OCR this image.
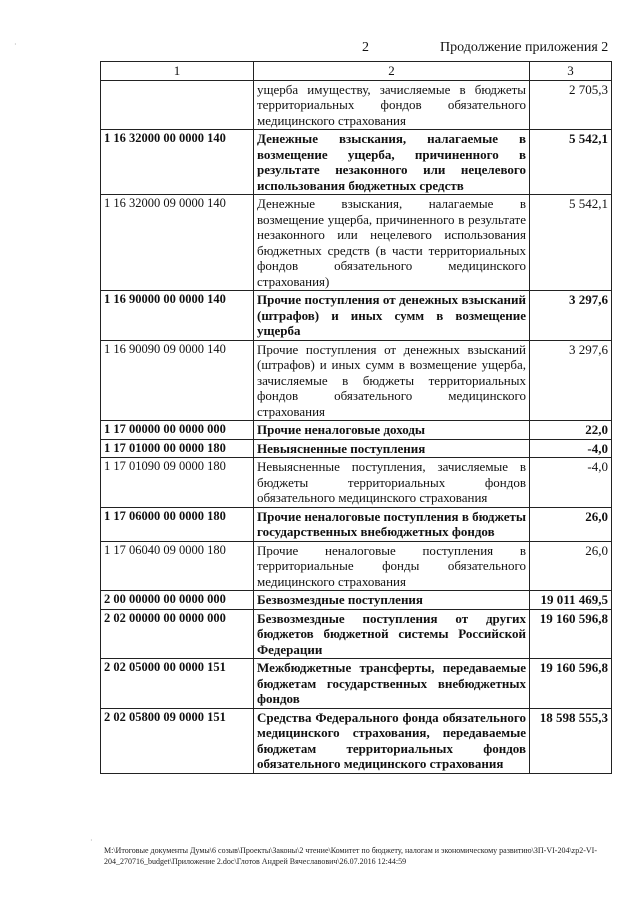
·
·
2	Продолжение приложения 2
1	2	3
	ущерба имуществу, зачисляемые в бюджеты территориальных фондов обязательного медицинского страхования	2 705,3
1 16 32000 00 0000 140	Денежные взыскания, налагаемые в возмещение ущерба, причиненного в результате незаконного или нецелевого использования бюджетных средств	5 542,1
1 16 32000 09 0000 140	Денежные взыскания, налагаемые в возмещение ущерба, причиненного в результате незаконного или нецелевого использования бюджетных средств (в части территориальных фондов обязательного медицинского страхования)	5 542,1
1 16 90000 00 0000 140	Прочие поступления от денежных взысканий (штрафов) и иных сумм в возмещение ущерба	3 297,6
1 16 90090 09 0000 140	Прочие поступления от денежных взысканий (штрафов) и иных сумм в возмещение ущерба, зачисляемые в бюджеты территориальных фондов обязательного медицинского страхования	3 297,6
1 17 00000 00 0000 000	Прочие неналоговые доходы	22,0
1 17 01000 00 0000 180	Невыясненные поступления	-4,0
1 17 01090 09 0000 180	Невыясненные поступления, зачисляемые в бюджеты территориальных фондов обязательного медицинского страхования	-4,0
1 17 06000 00 0000 180	Прочие неналоговые поступления в бюджеты государственных внебюджетных фондов	26,0
1 17 06040 09 0000 180	Прочие неналоговые поступления в территориальные фонды обязательного медицинского страхования	26,0
2 00 00000 00 0000 000	Безвозмездные поступления	19 011 469,5
2 02 00000 00 0000 000	Безвозмездные поступления от других бюджетов бюджетной системы Российской Федерации	19 160 596,8
2 02 05000 00 0000 151	Межбюджетные трансферты, передаваемые бюджетам государственных внебюджетных фондов	19 160 596,8
2 02 05800 09 0000 151	Средства Федерального фонда обязательного медицинского страхования, передаваемые бюджетам территориальных фондов обязательного медицинского страхования	18 598 555,3
M:\Итоговые документы Думы\6 созыв\Проекты\Законы\2 чтение\Комитет по бюджету, налогам и экономическому развитию\ЗП-VI-204\zp2-VI-204_270716_budget\Приложение 2.doc\Глотов Андрей Вячеславович\26.07.2016 12:44:59
